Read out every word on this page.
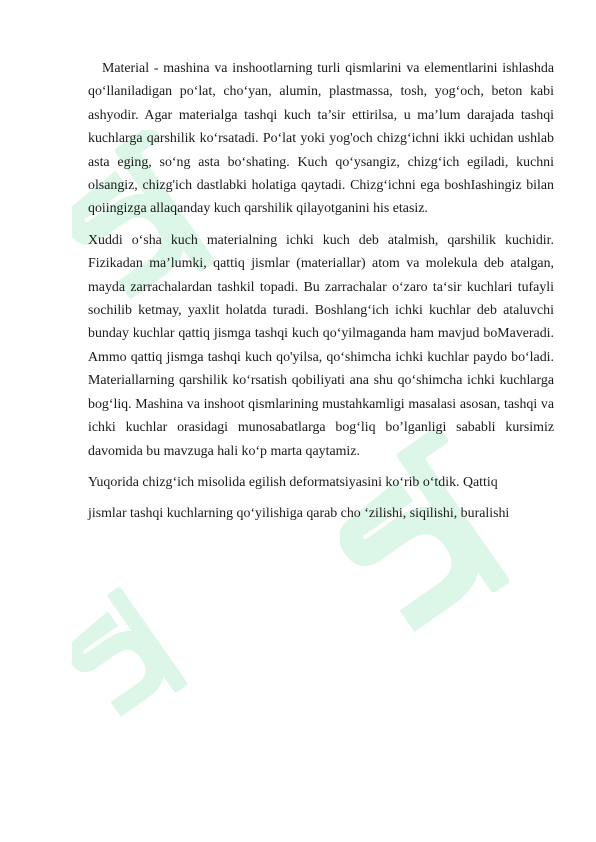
Material - mashina va inshootlarning turli qismlarini va elementlarini ishlashda qo‘llaniladigan po‘lat, cho‘yan, alumin, plastmassa, tosh, yog‘och, beton kabi ashyodir. Agar materialga tashqi kuch ta’sir ettirilsa, u ma’lum darajada tashqi kuchlarga qarshilik ko‘rsatadi. Po‘lat yoki yog'och chizg‘ichni ikki uchidan ushlab asta eging, so‘ng asta bo‘shating. Kuch qo‘ysangiz, chizg‘ich egiladi, kuchni olsangiz, chizg'ich dastlabki holatiga qaytadi. Chizg‘ichni ega boshIashingiz bilan qoiingizga allaqanday kuch qarshilik qilayotganini his etasiz.

Xuddi o‘sha kuch materialning ichki kuch deb atalmish, qarshilik kuchidir. Fizikadan ma’lumki, qattiq jismlar (materiallar) atom va molekula deb atalgan, mayda zarrachalardan tashkil topadi. Bu zarrachalar o‘zaro ta‘sir kuchlari tufayli sochilib ketmay, yaxlit holatda turadi. Boshlang‘ich ichki kuchlar deb ataluvchi bunday kuchlar qattiq jismga tashqi kuch qo‘yilmaganda ham mavjud boMaveradi. Ammo qattiq jismga tashqi kuch qo'yilsa, qo‘shimcha ichki kuchlar paydo bo‘ladi. Materiallarning qarshilik ko‘rsatish qobiliyati ana shu qo‘shimcha ichki kuchlarga bog‘liq. Mashina va inshoot qismlarining mustahkamligi masalasi asosan, tashqi va ichki kuchlar orasidagi munosabatlarga bog‘liq bo’lganligi sababli kursimiz davomida bu mavzuga hali ko‘p marta qaytamiz.

Yuqorida chizg‘ich misolida egilish deformatsiyasini ko‘rib o‘tdik. Qattiq

jismlar tashqi kuchlarning qo‘yilishiga qarab cho ‘zilishi, siqilishi, buralishi
